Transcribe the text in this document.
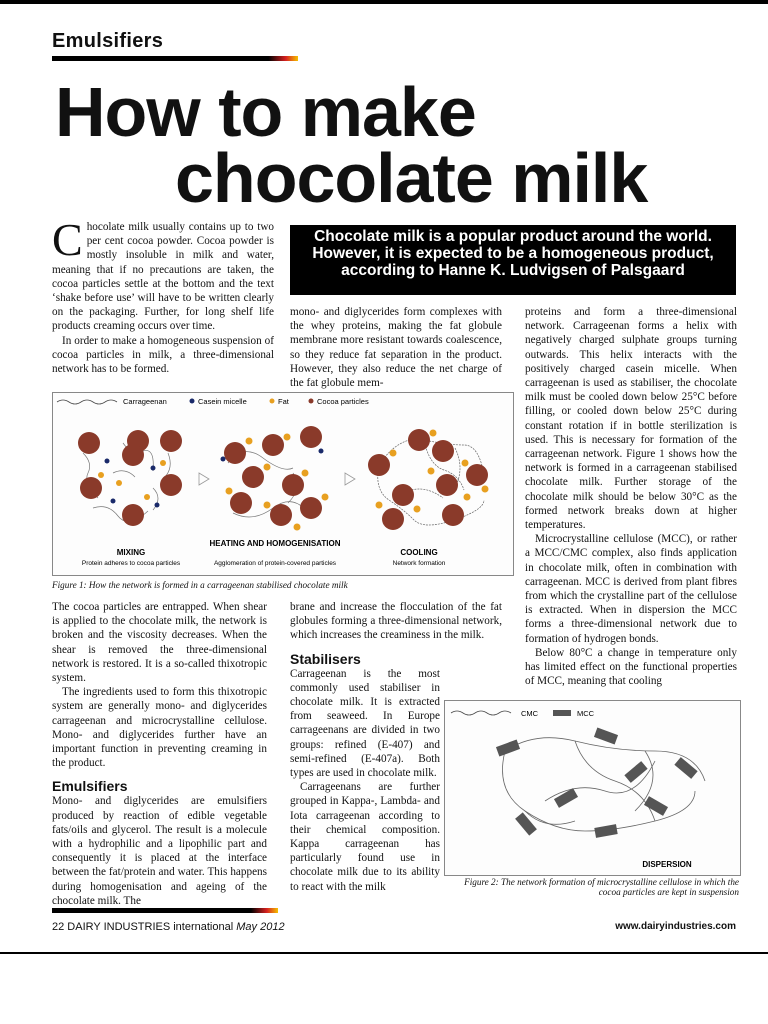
Emulsifiers
How to make
chocolate milk

Chocolate milk usually contains up to two per cent cocoa powder. Cocoa powder is mostly insoluble in milk and water, meaning that if no precautions are taken, the cocoa particles settle at the bottom and the text ‘shake before use’ will have to be written clearly on the packaging. Further, for long shelf life products creaming occurs over time.

In order to make a homogeneous suspension of cocoa particles in milk, a three-dimensional network has to be formed.

Chocolate milk is a popular product around the world. However, it is expected to be a homogeneous product, according to Hanne K. Ludvigsen of Palsgaard
mono- and diglycerides form complexes with the whey proteins, making the fat globule membrane more resistant towards coalescence, so they reduce fat separation in the product. However, they also reduce the net charge of the fat globule mem-

proteins and form a three-dimensional network. Carrageenan forms a helix with negatively charged sulphate groups turning outwards. This helix interacts with the positively charged casein micelle. When carrageenan is used as stabiliser, the chocolate milk must be cooled down below 25°C before filling, or cooled down below 25°C during constant rotation if in bottle sterilization is used. This is necessary for formation of the carrageenan network. Figure 1 shows how the network is formed in a carrageenan stabilised chocolate milk. Further storage of the chocolate milk should be below 30°C as the formed network breaks down at higher temperatures.

Microcrystalline cellulose (MCC), or rather a MCC/CMC complex, also finds application in chocolate milk, often in combination with carrageenan. MCC is derived from plant fibres from which the crystalline part of the cellulose is extracted. When in dispersion the MCC forms a three-dimensional network due to formation of hydrogen bonds.

Below 80°C a change in temperature only has limited effect on the functional properties of MCC, meaning that cooling

Carrageenan	Casein micelle	Fat	Cocoa particles
MIXING
Protein adheres to cocoa particles
HEATING AND HOMOGENISATION
Agglomeration of protein-covered particles
COOLING
Network formation
Figure 1: How the network is formed in a carrageenan stabilised chocolate milk

The cocoa particles are entrapped. When shear is applied to the chocolate milk, the network is broken and the viscosity decreases. When the shear is removed the three-dimensional network is restored. It is a so-called thixotropic system.

The ingredients used to form this thixotropic system are generally mono- and diglycerides carrageenan and microcrystalline cellulose. Mono- and diglycerides further have an important function in preventing creaming in the product.

Emulsifiers

Mono- and diglycerides are emulsifiers produced by reaction of edible vegetable fats/oils and glycerol. The result is a molecule with a hydrophilic and a lipophilic part and consequently it is placed at the interface between the fat/protein and water. This happens during homogenisation and ageing of the chocolate milk. The

brane and increase the flocculation of the fat globules forming a three-dimensional network, which increases the creaminess in the milk.

Stabilisers

Carrageenan is the most commonly used stabiliser in chocolate milk. It is extracted from seaweed. In Europe carrageenans are divided in two groups: refined (E-407) and semi-refined (E-407a). Both types are used in chocolate milk.

Carrageenans are further grouped in Kappa-, Lambda- and Iota carrageenan according to their chemical composition. Kappa carrageenan has particularly found use in chocolate milk due to its ability to react with the milk

CMC	MCC
DISPERSION
Figure 2: The network formation of microcrystalline cellulose in which the cocoa particles are kept in suspension
22 DAIRY INDUSTRIES international May 2012	www.dairyindustries.com
